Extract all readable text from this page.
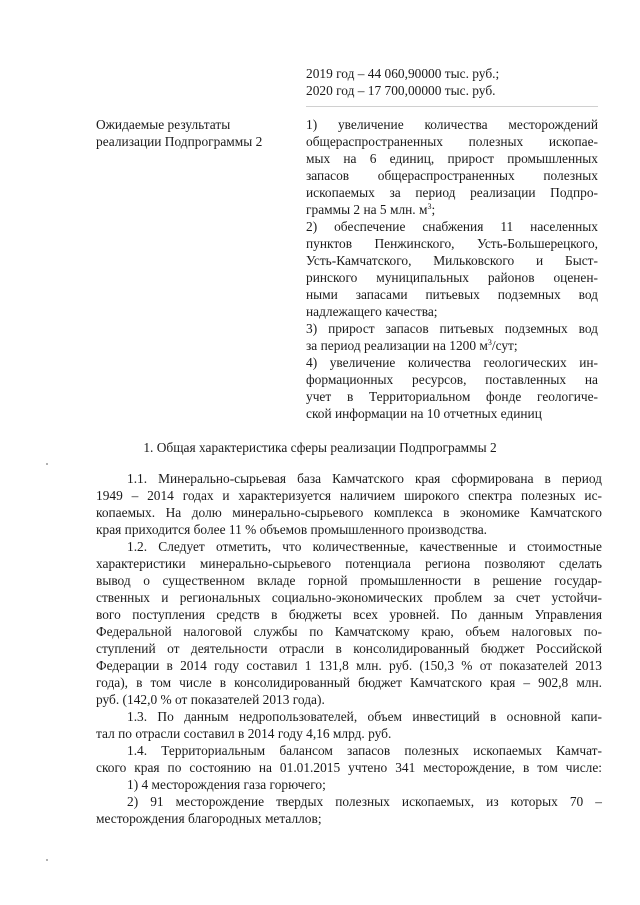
2019 год – 44 060,90000 тыс. руб.;
2020 год – 17 700,00000 тыс. руб.
Ожидаемые результаты
реализации Подпрограммы 2
1) увеличение количества месторождений
общераспространенных полезных ископае-
мых на 6 единиц, прирост промышленных
запасов общераспространенных полезных
ископаемых за период реализации Подпро-
граммы 2 на 5 млн. $м^3$;
2) обеспечение снабжения 11 населенных
пунктов Пенжинского, Усть-Большерецкого,
Усть-Камчатского, Мильковского и Быст-
ринского муниципальных районов оценен-
ными запасами питьевых подземных вод
надлежащего качества;
3) прирост запасов питьевых подземных вод
за период реализации на 1200 $м^3$/сут;
4) увеличение количества геологических ин-
формационных ресурсов, поставленных на
учет в Территориальном фонде геологиче-
ской информации на 10 отчетных единиц
1. Общая характеристика сферы реализации Подпрограммы 2
1.1. Минерально-сырьевая база Камчатского края сформирована в период
1949 – 2014 годах и характеризуется наличием широкого спектра полезных ис-
копаемых. На долю минерально-сырьевого комплекса в экономике Камчатского
края приходится более 11 % объемов промышленного производства.
1.2. Следует отметить, что количественные, качественные и стоимостные
характеристики минерально-сырьевого потенциала региона позволяют сделать
вывод о существенном вкладе горной промышленности в решение государ-
ственных и региональных социально-экономических проблем за счет устойчи-
вого поступления средств в бюджеты всех уровней. По данным Управления
Федеральной налоговой службы по Камчатскому краю, объем налоговых по-
ступлений от деятельности отрасли в консолидированный бюджет Российской
Федерации в 2014 году составил 1 131,8 млн. руб. (150,3 % от показателей 2013
года), в том числе в консолидированный бюджет Камчатского края – 902,8 млн.
руб. (142,0 % от показателей 2013 года).
1.3. По данным недропользователей, объем инвестиций в основной капи-
тал по отрасли составил в 2014 году 4,16 млрд. руб.
1.4. Территориальным балансом запасов полезных ископаемых Камчат-
ского края по состоянию на 01.01.2015 учтено 341 месторождение, в том числе:
1) 4 месторождения газа горючего;
2) 91 месторождение твердых полезных ископаемых, из которых 70 –
месторождения благородных металлов;
